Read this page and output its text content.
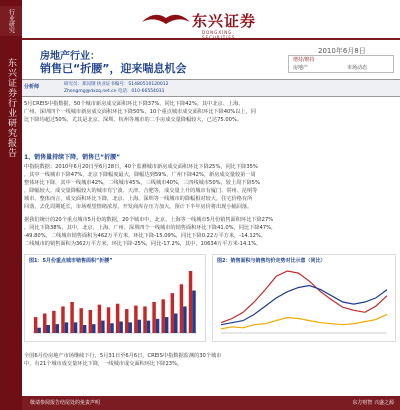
行业研究
东兴证券行业研究报告
东兴证券
DONGXING
房地产行业：
销售已“折腰”，迎来喘息机会
2010年6月8日
增持/维持
房地产	市场动态
分析师	研究员：郑闵钢 执业证书编号：S1480510120012
Zhengmg@dxzq.net.cn 电话：010-66554031
5月CREIS中指数据，50个城市新房成交面积环比下降37%，同比下降42%。其中北京、上海、
广州、深圳四个一线城市新房成交面积环比下降50%，10个重点城市成交面积环比下降40%以上，同
比下降均超过50%，尤其是北京、深圳、杭州等城市的二手房成交量降幅较大，已达75.00%。
1、销售量持续下降，销售已“折腰”
中指院数据：2010年6月20日至6月28日，40个监测城市新房成交面积环比下降25%，同比下降35%
，其中一线城市下降47%，北京下降幅度最大，降幅达到59%，广州下降42%，新房成交量较第一周
整体环比下降，其中一线城市42%，二线城市45%，三线城市40%，三四线城市50%，较上周下降5%
，降幅较大。成交量降幅较大的城市有宁波、天津、合肥等，成交量上升的城市有厦门、常州、昆明等
城市。整体而言，成交面积环比下降，北京、上海、深圳等一线城市的降幅相对较大，住宅价格有所
回落，去化周期延长，市场观望情绪浓厚，开发商库存压力加大。预计下半年房价将出现小幅回落。
据我们统计的20个重点城市5月份的数据，20个城市中，北京、上海等一线城市5月份销售面积环比下降27%
，同比下降38%，其中，北京、上海、广州、深圳四个一线城市的销售面积环比下降41.0%，同比下降47%，
-49.80%，二线城市销售面积为462万平方米，环比下降-15.09%，同比下降0.22万平方米，-14.12%。
二线城市的销售面积为362万平方米，环比下降-25%，同比-17.2%，其中，10634万平方米-14.1%。
图1：5月份重点城市销售面积“折腰”	图2：销售面积与销售均价走势对比示意（同比）
全国6月份房地产市场继续下行，5月31日至6月6日，CREIS中指数据监测的30个城市
中，有21个城市成交量环比下降，一线城市成交面积环比下降23%。
敬请参阅报告结尾处的免责声明	东方财智 兴盛之源
